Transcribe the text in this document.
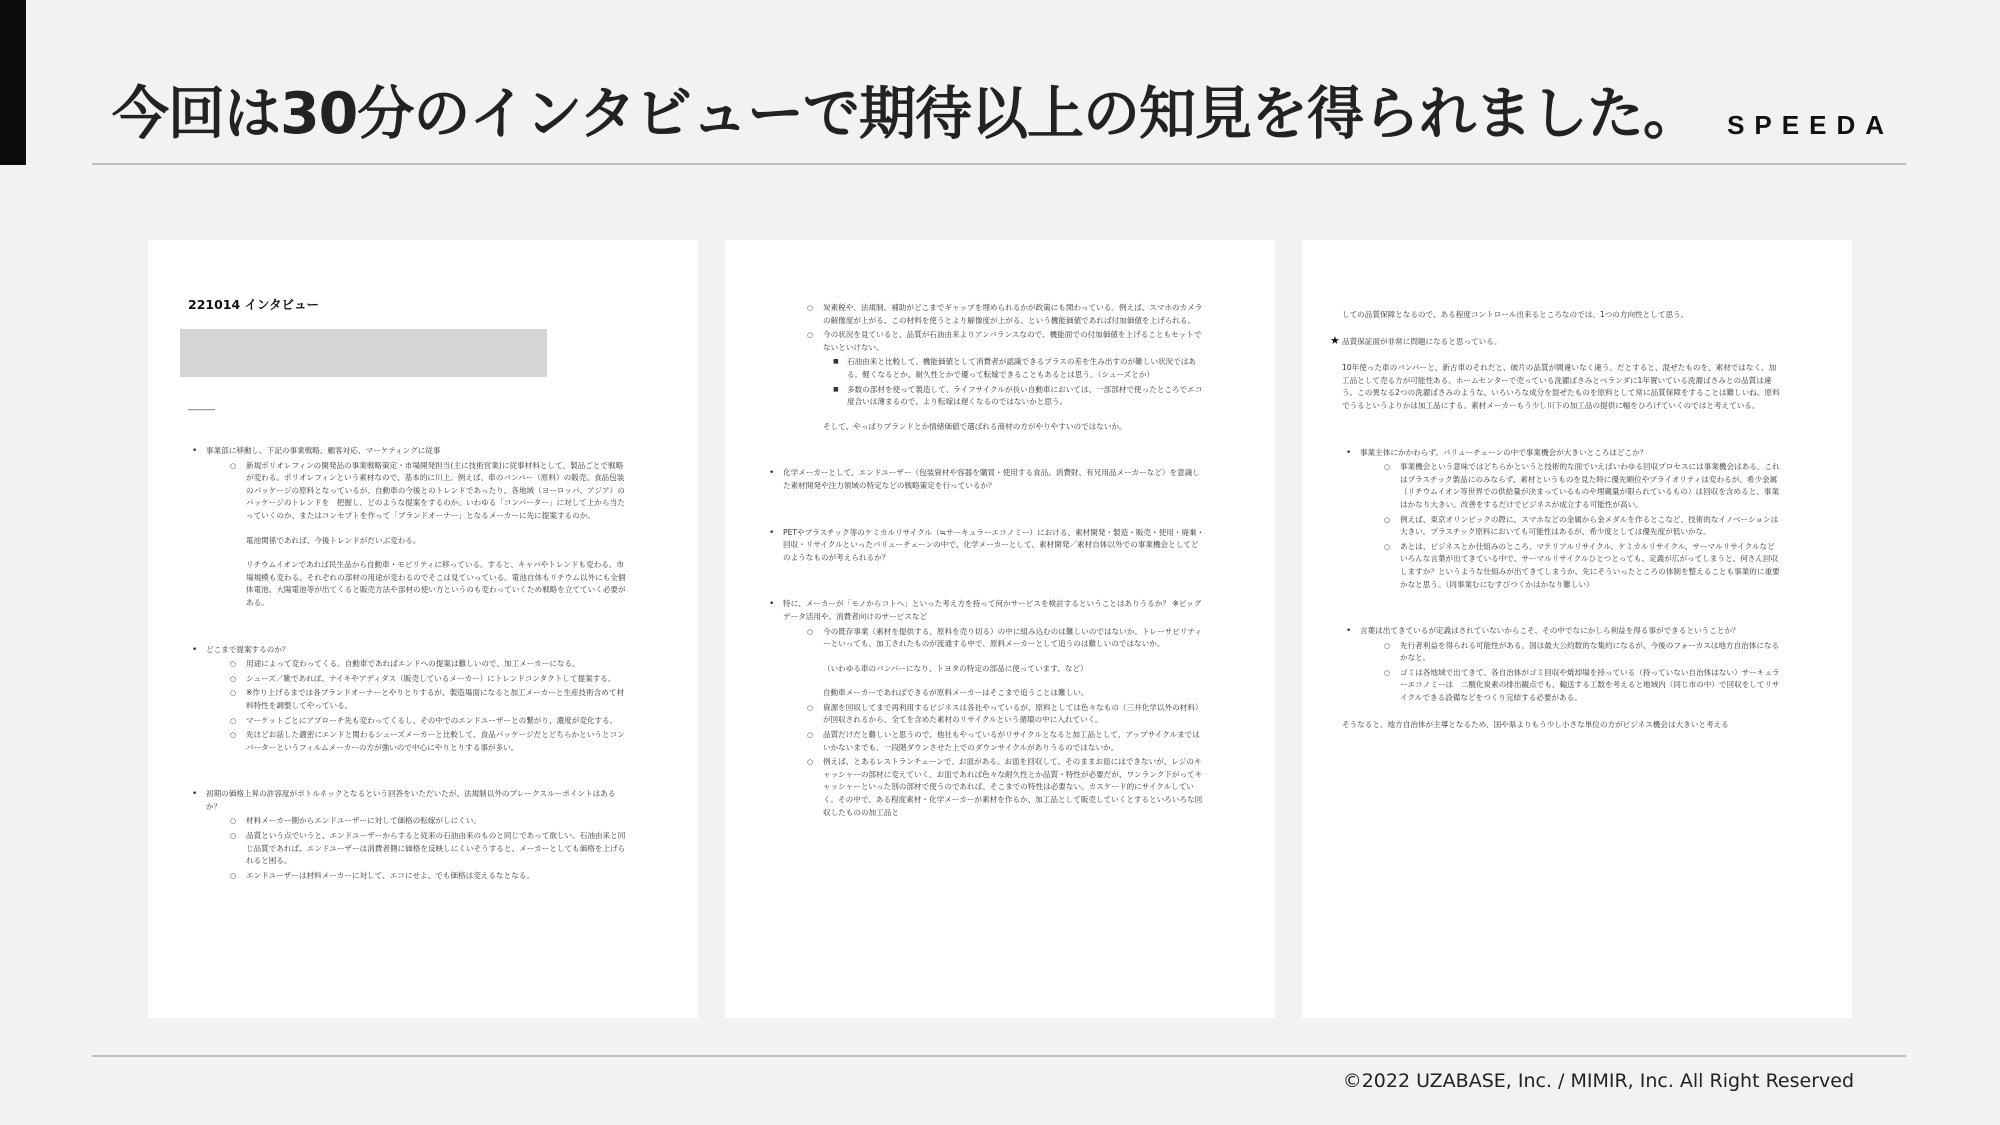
今回は30分のインタビューで期待以上の知見を得られました。 SPEEDA
221014 インタビュー
―――
• 事業部に移動し、下記の事業戦略、顧客対応、マーケティングに従事
○ 新規ポリオレフィンの開発品の事業戦略策定・市場開発担当(主に技術営業)に従事材料として、製品ごとで戦略が変わる。ポリオレフィンという素材なので、基本的に川上。例えば、車のバンパー（原料）の販売、食品包装のパッケージの原料となっているが、自動車の今後とのトレンドであったり、各地域（ヨーロッパ、アジア）のパッケージのトレンドを　把握し、どのような提案をするのか。いわゆる「コンパーター」に対して上から当たっていくのか、またはコンセプトを作って「ブランドオーナー」となるメーカーに先に提案するのか。
電池関係であれば、今後トレンドがだいぶ変わる。
リチウムイオンであれば民生品から自動車・モビリティに移っている。すると、キャパやトレンドも変わる。市場規模も変わる。それぞれの部材の用途が変わるのでそこは見ていっている。電池自体もリチウム以外にも全個体電池、大陽電池等が出てくると販売方法や部材の使い方というのも変わっていくため戦略を立てていく必要がある。
• どこまで提案するのか？
○ 用途によって変わってくる。自動車であればエンドへの提案は難しいので、加工メーカーになる。
○ シューズ／靴であれば、ナイキやアディダス（販売しているメーカー）にトレンドコンタクトして提案する。
○ ※作り上げるまでは各ブランドオーナーとやりとりするが、製造場面になると加工メーカーと生産技術含めて材料特性を調整してやっている。
○ マーケットごとにアプローチ先も変わってくるし、その中でのエンドユーザーとの繋がり、濃度が変化する。
○ 先ほどお話した濃密にエンドと関わるシューズメーカーと比較して、食品パッケージだとどちらかというとコンバーターというフィルムメーカーの方が強いので中心にやりとりする事が多い。
• 初期の価格上昇の許容度がボトルネックとなるという回答をいただいたが、法規制以外のブレークスルーポイントはあるか？
○ 材料メーカー側からエンドユーザーに対して価格の転嫁がしにくい。
○ 品質という点でいうと、エンドユーザーからすると従来の石油由来のものと同じであって欲しい。石油由来と同じ品質であれば、エンドユーザーは消費者側に価格を反映しにくいそうすると、メーカーとしても価格を上げられると困る。
○ エンドユーザーは材料メーカーに対して、エコにせよ、でも価格は変えるなとなる。
○ 炭素税や、法規制、補助がどこまでギャップを埋められるかが政策にも関わっている。例えば、スマホのカメラの解像度が上がる、この材料を使うとより解像度が上がる、という機能価値であれば付加価値を上げられる。
○ 今の状況を見ていると、品質が石油由来よりアンバランスなので、機能面での付加価値を上げることもセットでないといけない。
■ 石油由来と比較して、機能価値として消費者が認識できるプラスの差を生み出すのが難しい状況ではある。軽くなるとか、耐久性とかで優って転嫁できることもあるとは思う。（シューズとか）
■ 多数の部材を使って製造して、ライフサイクルが長い自動車においては、一部部材で使ったところでエコ度合いは薄まるので、より転嫁は遅くなるのではないかと思う。
そして、やっぱりブランドとか情緒価値で選ばれる商材の方がやりやすいのではないか。
• 化学メーカーとして、エンドユーザー（包装資材や容器を購買・使用する食品、消費財、有兄用品メーカーなど）を意識した素材開発や注力領域の特定などの戦略策定を行っているか？
• PETやプラスチック等のケミカルリサイクル（≒サーキュラーエコノミー）における、素材開発・製造・販売・使用・廃棄・回収・リサイクルといったバリューチェーンの中で、化学メーカーとして、素材開発／素材自体以外での事業機会としてどのようなものが考えられるか？
• 特に、メーカーが「モノからコトへ」といった考え方を持って何かサービスを検討するということはありうるか？ ※ビッグデータ活用や、消費者向けのサービスなど
○ 今の既存事業（素材を提供する、原料を売り切る）の中に組み込むのは難しいのではないか。トレーサビリティーといっても、加工されたものが流通する中で、原料メーカーとして追うのは難しいのではないか。
（いわゆる車のバンパーになり、トヨタの特定の部品に使っています、など）
自動車メーカーであればできるが原料メーカーはそこまで追うことは難しい。
○ 資源を回収してまで再利用するビジネスは各社やっているが、原料としては色々なもの（三井化学以外の材料）が回収されるから、全てを含めた素材のリサイクルという循環の中に入れていく。
○ 品質だけだと難しいと思うので、他社もやっているがリサイクルとなると加工品として、アップサイクルまではいかないまでも、一段階ダウンさせた上でのダウンサイクルがありうるのではないか。
○ 例えば、とあるレストランチェーンで、お皿がある。お皿を回収して、そのままお皿にはできないが、レジのキャッシャーの部材に変えていく。お皿であれば色々な耐久性とか品質・特性が必要だが、ワンランク下がってキャッシャーといった別の部材で使うのであれば、そこまでの特性は必要ない。カスケード的にサイクルしていく。その中で、ある程度素材・化学メーカーが素材を作るか、加工品として販売していくとするといろいろな回収したものの加工品と
しての品質保障となるので、ある程度コントロール出来るところなのでは、1つの方向性として思う。
★ 品質保証面が非常に問題になると思っている。
10年使った車のバンパーと、新古車のそれだと、破片の品質が間違いなく違う。だとすると、混ぜたものを、素材ではなく、加工品として売る方が可能性ある。ホームセンターで売っている洗濯ばさみとベランダに1年置いている洗濯ばさみとの品質は違う。この異なる2つの洗濯ばさみのような、いろいろな成分を混ぜたものを原料として常に品質保障をすることは難しいね。原料でうるというよりかは加工品にする。素材メーカーもう少し川下の加工品の提供に幅をひろげていくのではと考えている。
• 事業主体にかかわらず、バリューチェーンの中で事業機会が大きいところはどこか？
○ 事業機会という意味ではどちらかというと技術的な面でいえばいわゆる回収プロセスには事業機会はある。これはプラスチック製品にのみならず、素材というものを見た時に優先順位やプライオリティは変わるが、希少金属（リチウムイオン等世界での供給量が決まっているものや埋蔵量が限られているもの）は回収を含めると、事業はかなり大きい。改善をするだけでビジネスが成立する可能性が高い。
○ 例えば、東京オリンピックの際に、スマホなどの金属から金メダルを作るとこなど、技術的なイノベーションは大きい。プラスチック原料においても可能性はあるが、希少度としては優先度が低いかな。
○ あとは、ビジネスとか仕組みのところ。マテリアルリサイクル、ケミカルリサイクル、サーマルリサイクルなどいろんな言葉が出てきている中で、サーマルリサイクルひとつとっても、定義が広がってしまうと、何さん回収しますか？というような仕組みが出てきてしまうか、先にそういったところの体制を整えることも事業的に重要かなと思う。（同事業むにむすびつくかはかなり難しい）
• 言葉は出てきているが定義はされていないからこそ、その中でなにかしら利益を得る事ができるということか？
○ 先行者利益を得られる可能性がある。国は最大公約数的な集約になるが、今後のフォーカスは地方自治体になるかなと。
○ ゴミは各地域で出てきて、各自治体がゴミ回収や焼却場を持っている（持っていない自治体はない）サーキュラーエコノミーは　二酸化炭素の排出観点でも、輸送する工数を考えると地域内（同じ市の中）で回収をしてリサイクルできる設備などをつくり完結する必要がある。
そうなると、地方自治体が主導となるため、国や県よりもう少し小さな単位の方がビジネス機会は大きいと考える
©2022 UZABASE, Inc. / MIMIR, Inc. All Right Reserved
